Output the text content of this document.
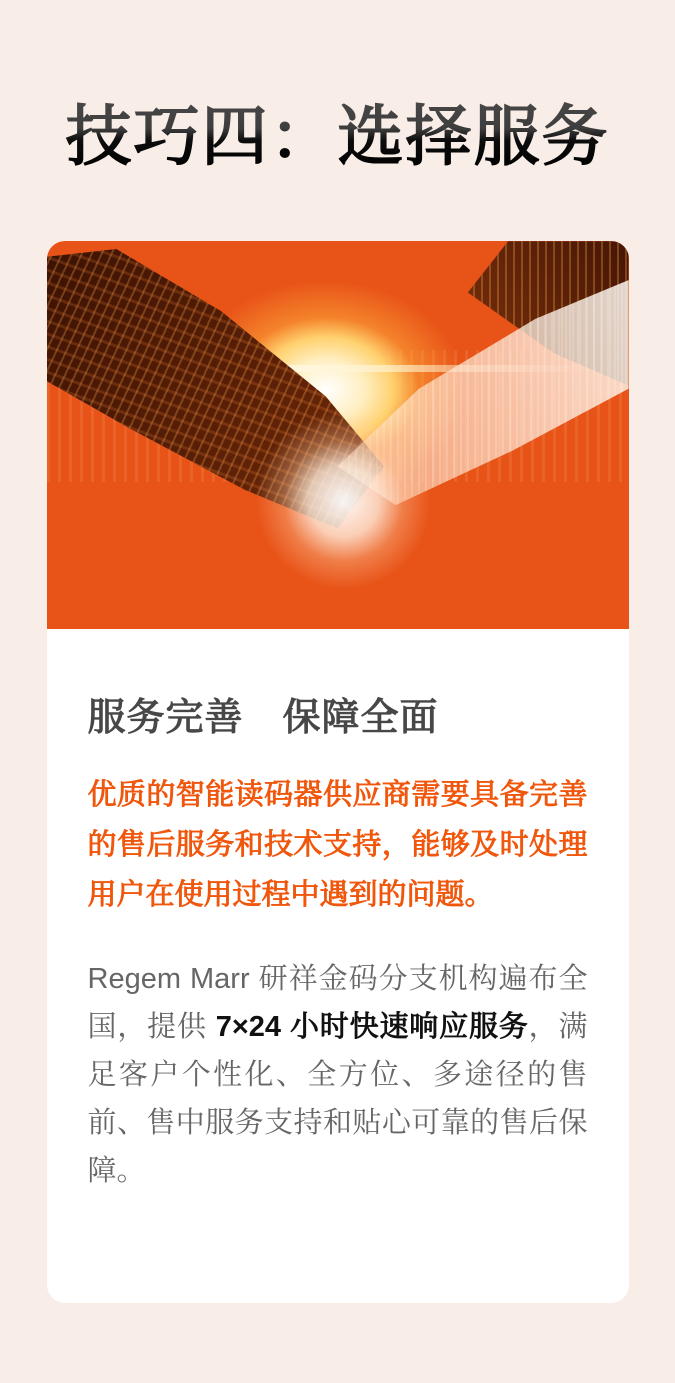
技巧四：选择服务
服务完善　保障全面

优质的智能读码器供应商需要具备完善的售后服务和技术支持，能够及时处理用户在使用过程中遇到的问题。

Regem Marr 研祥金码分支机构遍布全国，提供 7×24 小时快速响应服务，满足客户个性化、全方位、多途径的售前、售中服务支持和贴心可靠的售后保障。
